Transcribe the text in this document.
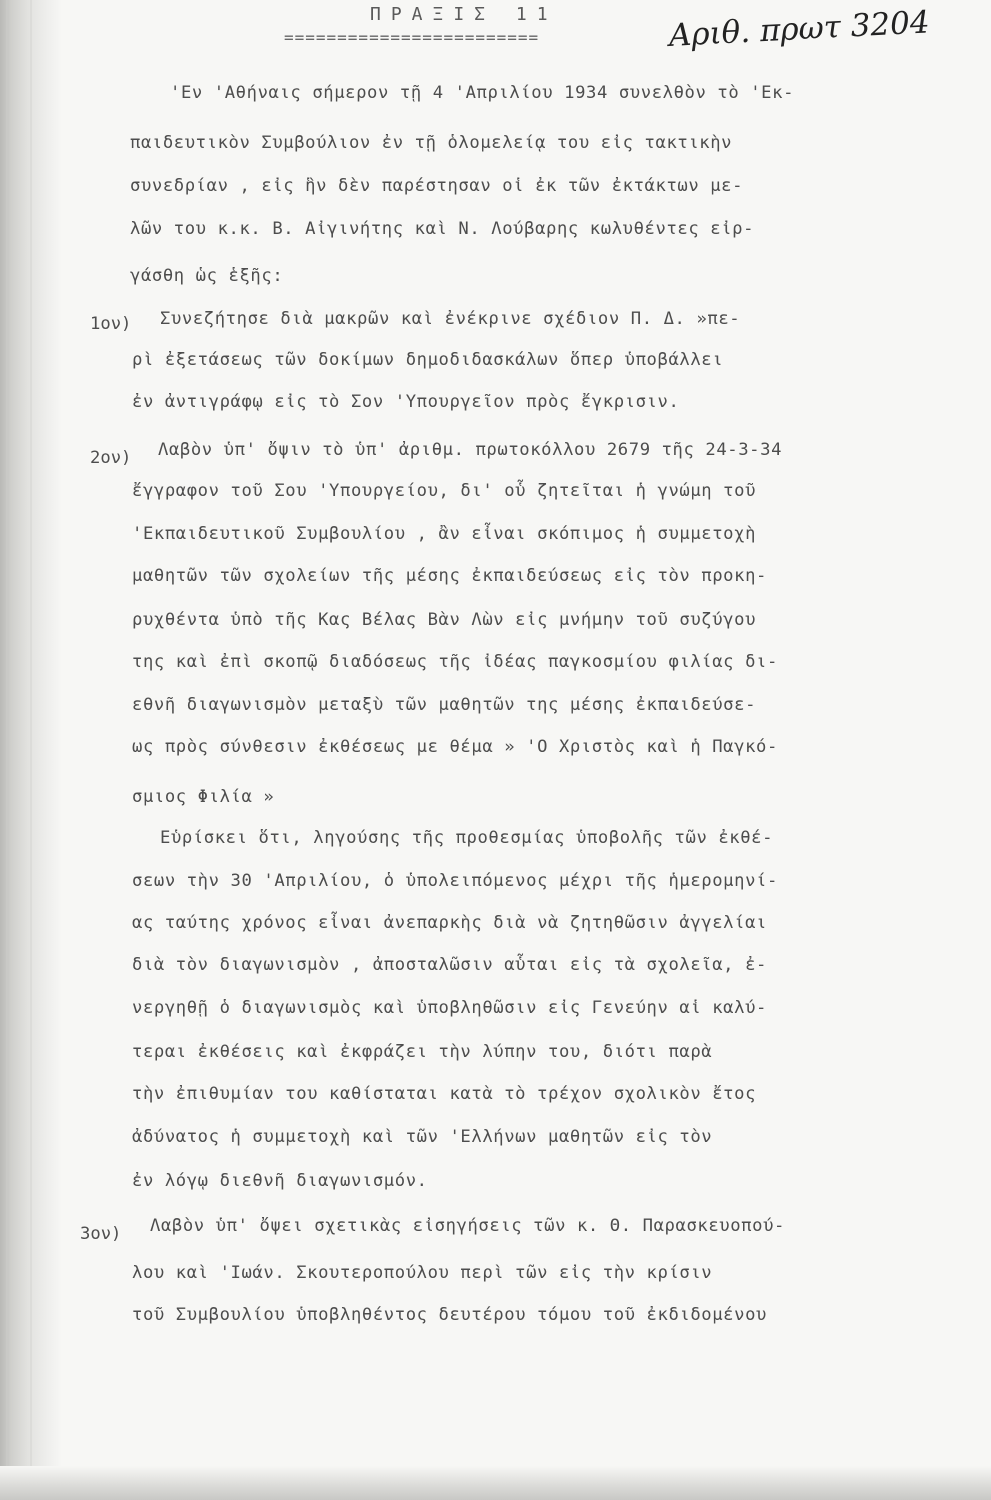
ΠΡΑΞΙΣ 11
========================	Αριθ. πρωτ 3204
'Εν 'Αθήναις σήμερον τῇ 4 'Απριλίου 1934 συνελθὸν τὸ 'Εκ-
παιδευτικὸν Συμβούλιον ἐν τῇ ὁλομελείᾳ του εἰς τακτικὴν
συνεδρίαν , εἰς ἣν δὲν παρέστησαν οἱ ἐκ τῶν ἐκτάκτων με-
λῶν του κ.κ. Β. Αἰγινήτης καὶ Ν. Λούβαρης κωλυθέντες εἰρ-
γάσθη ὡς ἑξῆς:
1ον) Συνεζήτησε διὰ μακρῶν καὶ ἐνέκρινε σχέδιον Π. Δ. »πε-
ρὶ ἐξετάσεως τῶν δοκίμων δημοδιδασκάλων ὅπερ ὑποβάλλει
ἐν ἀντιγράφῳ εἰς τὸ Σον 'Υπουργεῖον πρὸς ἔγκρισιν.
2ον) Λαβὸν ὑπ' ὄψιν τὸ ὑπ' ἀριθμ. πρωτοκόλλου 2679 τῆς 24-3-34
ἔγγραφον τοῦ Σου 'Υπουργείου, δι' οὗ ζητεῖται ἡ γνώμη τοῦ
'Εκπαιδευτικοῦ Συμβουλίου , ἂν εἶναι σκόπιμος ἡ συμμετοχὴ
μαθητῶν τῶν σχολείων τῆς μέσης ἐκπαιδεύσεως εἰς τὸν προκη-
ρυχθέντα ὑπὸ τῆς Κας Βέλας Βὰν Λὼν εἰς μνήμην τοῦ συζύγου
της καὶ ἐπὶ σκοπῷ διαδόσεως τῆς ἰδέας παγκοσμίου φιλίας δι-
εθνῆ διαγωνισμὸν μεταξὺ τῶν μαθητῶν της μέσης ἐκπαιδεύσε-
ως πρὸς σύνθεσιν ἐκθέσεως με θέμα » 'Ο Χριστὸς καὶ ἡ Παγκό-
σμιος Φιλία »
Εὑρίσκει ὅτι, ληγούσης τῆς προθεσμίας ὑποβολῆς τῶν ἐκθέ-
σεων τὴν 30 'Απριλίου, ὁ ὑπολειπόμενος μέχρι τῆς ἡμερομηνί-
ας ταύτης χρόνος εἶναι ἀνεπαρκὴς διὰ νὰ ζητηθῶσιν ἀγγελίαι
διὰ τὸν διαγωνισμὸν , ἀποσταλῶσιν αὗται εἰς τὰ σχολεῖα, ἐ-
νεργηθῇ ὁ διαγωνισμὸς καὶ ὑποβληθῶσιν εἰς Γενεύην αἱ καλύ-
τεραι ἐκθέσεις καὶ ἐκφράζει τὴν λύπην του, διότι παρὰ
τὴν ἐπιθυμίαν του καθίσταται κατὰ τὸ τρέχον σχολικὸν ἔτος
ἀδύνατος ἡ συμμετοχὴ καὶ τῶν 'Ελλήνων μαθητῶν εἰς τὸν
ἐν λόγῳ διεθνῆ διαγωνισμόν.
3ον) Λαβὸν ὑπ' ὄψει σχετικὰς εἰσηγήσεις τῶν κ. Θ. Παρασκευοπού-
λου καὶ 'Ιωάν. Σκουτεροπούλου περὶ τῶν εἰς τὴν κρίσιν
τοῦ Συμβουλίου ὑποβληθέντος δευτέρου τόμου τοῦ ἐκδιδομένου
